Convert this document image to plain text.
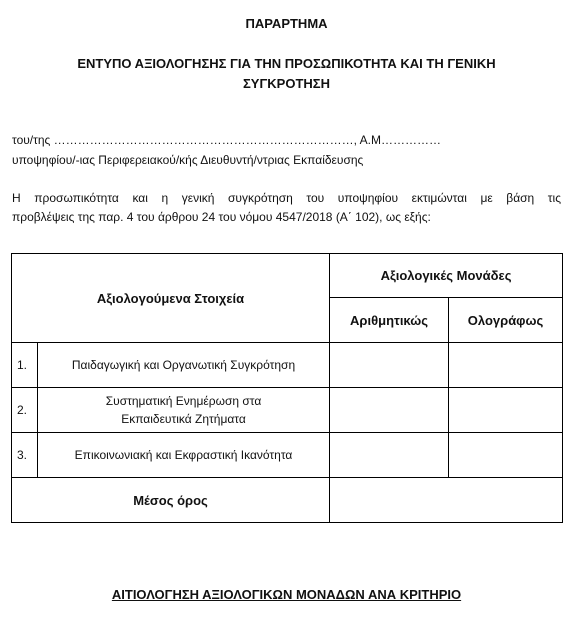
ΠΑΡΑΡΤΗΜΑ
ΕΝΤΥΠΟ ΑΞΙΟΛΟΓΗΣΗΣ ΓΙΑ ΤΗΝ ΠΡΟΣΩΠΙΚΟΤΗΤΑ ΚΑΙ ΤΗ ΓΕΝΙΚΗ
ΣΥΓΚΡΟΤΗΣΗ
του/της …………………………………………………………………, Α.Μ……………
υποψηφίου/-ιας Περιφερειακού/κής Διευθυντή/ντριας Εκπαίδευσης
Η προσωπικότητα και η γενική συγκρότηση του υποψηφίου εκτιμώνται με βάση τις
προβλέψεις της παρ. 4 του άρθρου 24 του νόμου 4547/2018 (Α΄ 102), ως εξής:
Αξιολογούμενα Στοιχεία		Αξιολογικές Μονάδες	
		Αριθμητικώς	Ολογράφως
1.	Παιδαγωγική και Οργανωτική Συγκρότηση		
2.	Συστηματική Ενημέρωση στα
Εκπαιδευτικά Ζητήματα		

3.	Επικοινωνιακή και Εκφραστική Ικανότητα		
Μέσος όρος			
ΑΙΤΙΟΛΟΓΗΣΗ ΑΞΙΟΛΟΓΙΚΩΝ ΜΟΝΑΔΩΝ ΑΝΑ ΚΡΙΤΗΡΙΟ
